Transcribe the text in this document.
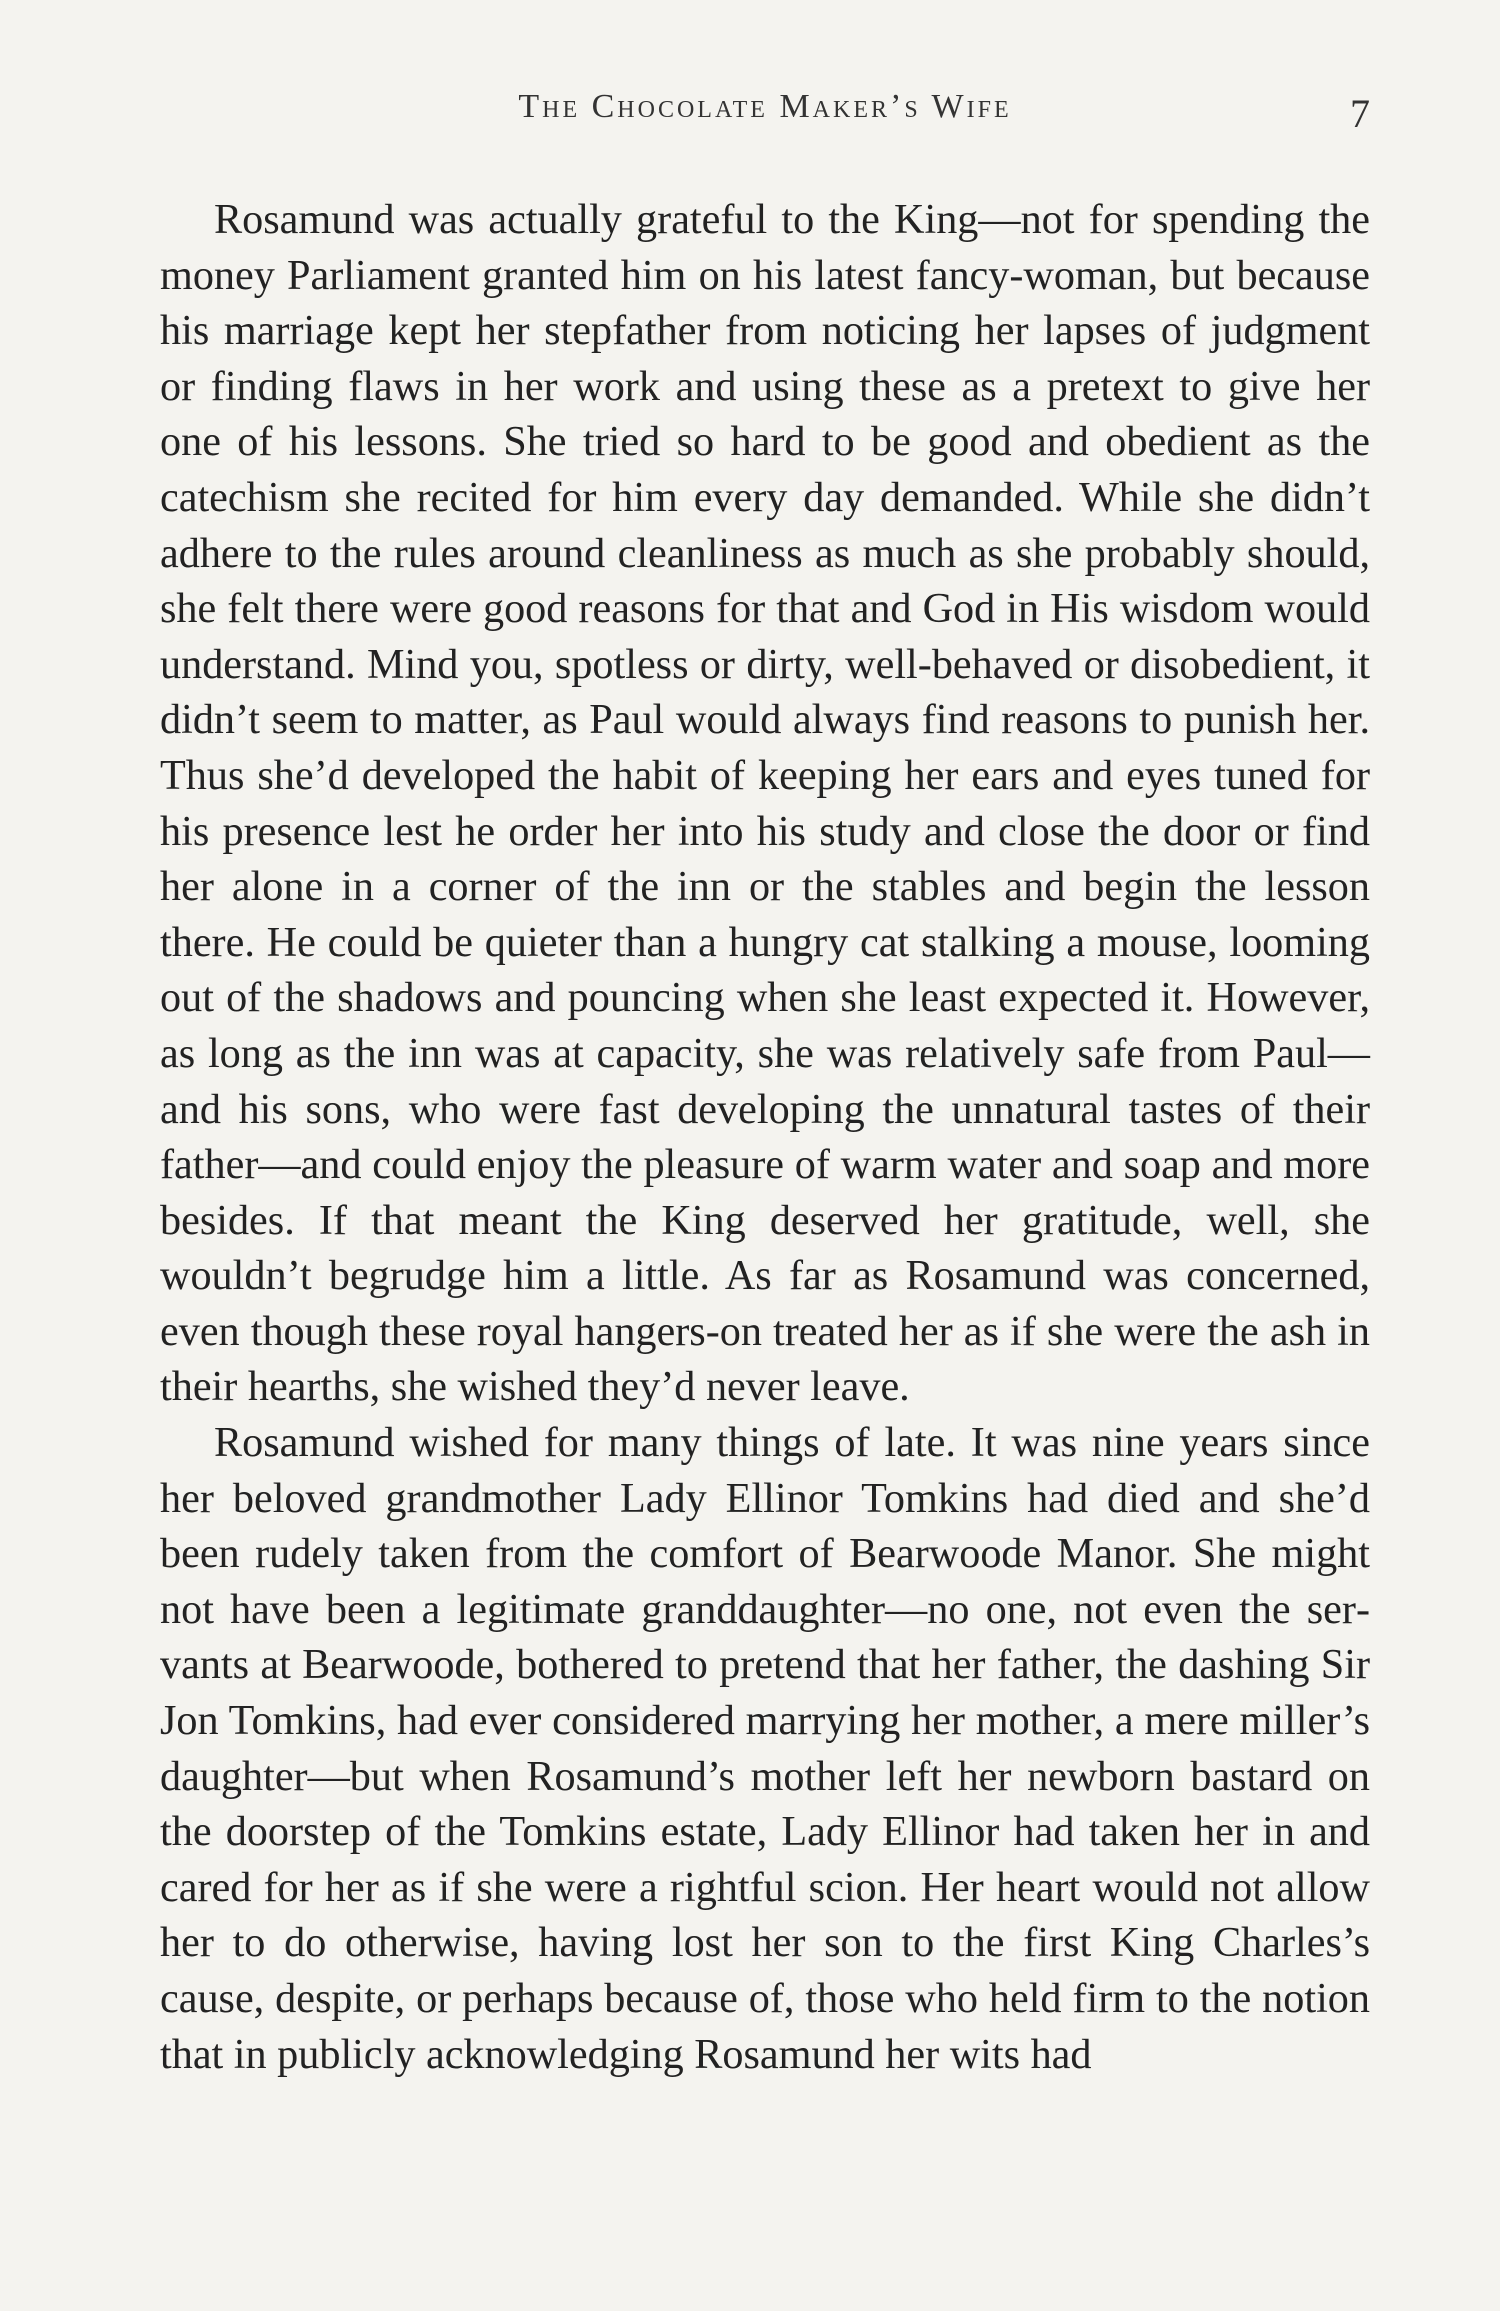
The Chocolate Maker’s Wife	7

Rosamund was actually grateful to the King—not for spending the money Parliament granted him on his latest fancy-woman, but because his marriage kept her stepfather from noticing her lapses of judgment or finding flaws in her work and using these as a pretext to give her one of his lessons. She tried so hard to be good and obedient as the catechism she recited for him every day demanded. While she didn’t adhere to the rules around cleanliness as much as she probably should, she felt there were good reasons for that and God in His wisdom would understand. Mind you, spotless or dirty, well-behaved or disobedient, it didn’t seem to matter, as Paul would always find reasons to punish her. Thus she’d developed the habit of keeping her ears and eyes tuned for his presence lest he order her into his study and close the door or find her alone in a corner of the inn or the stables and begin the lesson there. He could be quieter than a hungry cat stalking a mouse, looming out of the shadows and pouncing when she least expected it. However, as long as the inn was at capacity, she was relatively safe from Paul—and his sons, who were fast developing the unnatural tastes of their father—and could enjoy the pleasure of warm water and soap and more besides. If that meant the King deserved her gratitude, well, she wouldn’t begrudge him a little. As far as Rosamund was concerned, even though these royal hangers-on treated her as if she were the ash in their hearths, she wished they’d never leave.

Rosamund wished for many things of late. It was nine years since her beloved grandmother Lady Ellinor Tomkins had died and she’d been rudely taken from the comfort of Bearwoode Manor. She might not have been a legitimate granddaughter—no one, not even the servants at Bearwoode, bothered to pretend that her father, the dashing Sir Jon Tomkins, had ever considered marrying her mother, a mere miller’s daughter—but when Rosamund’s mother left her newborn bastard on the doorstep of the Tomkins estate, Lady Ellinor had taken her in and cared for her as if she were a rightful scion. Her heart would not allow her to do otherwise, having lost her son to the first King Charles’s cause, despite, or perhaps because of, those who held firm to the notion that in publicly acknowledging Rosamund her wits had
